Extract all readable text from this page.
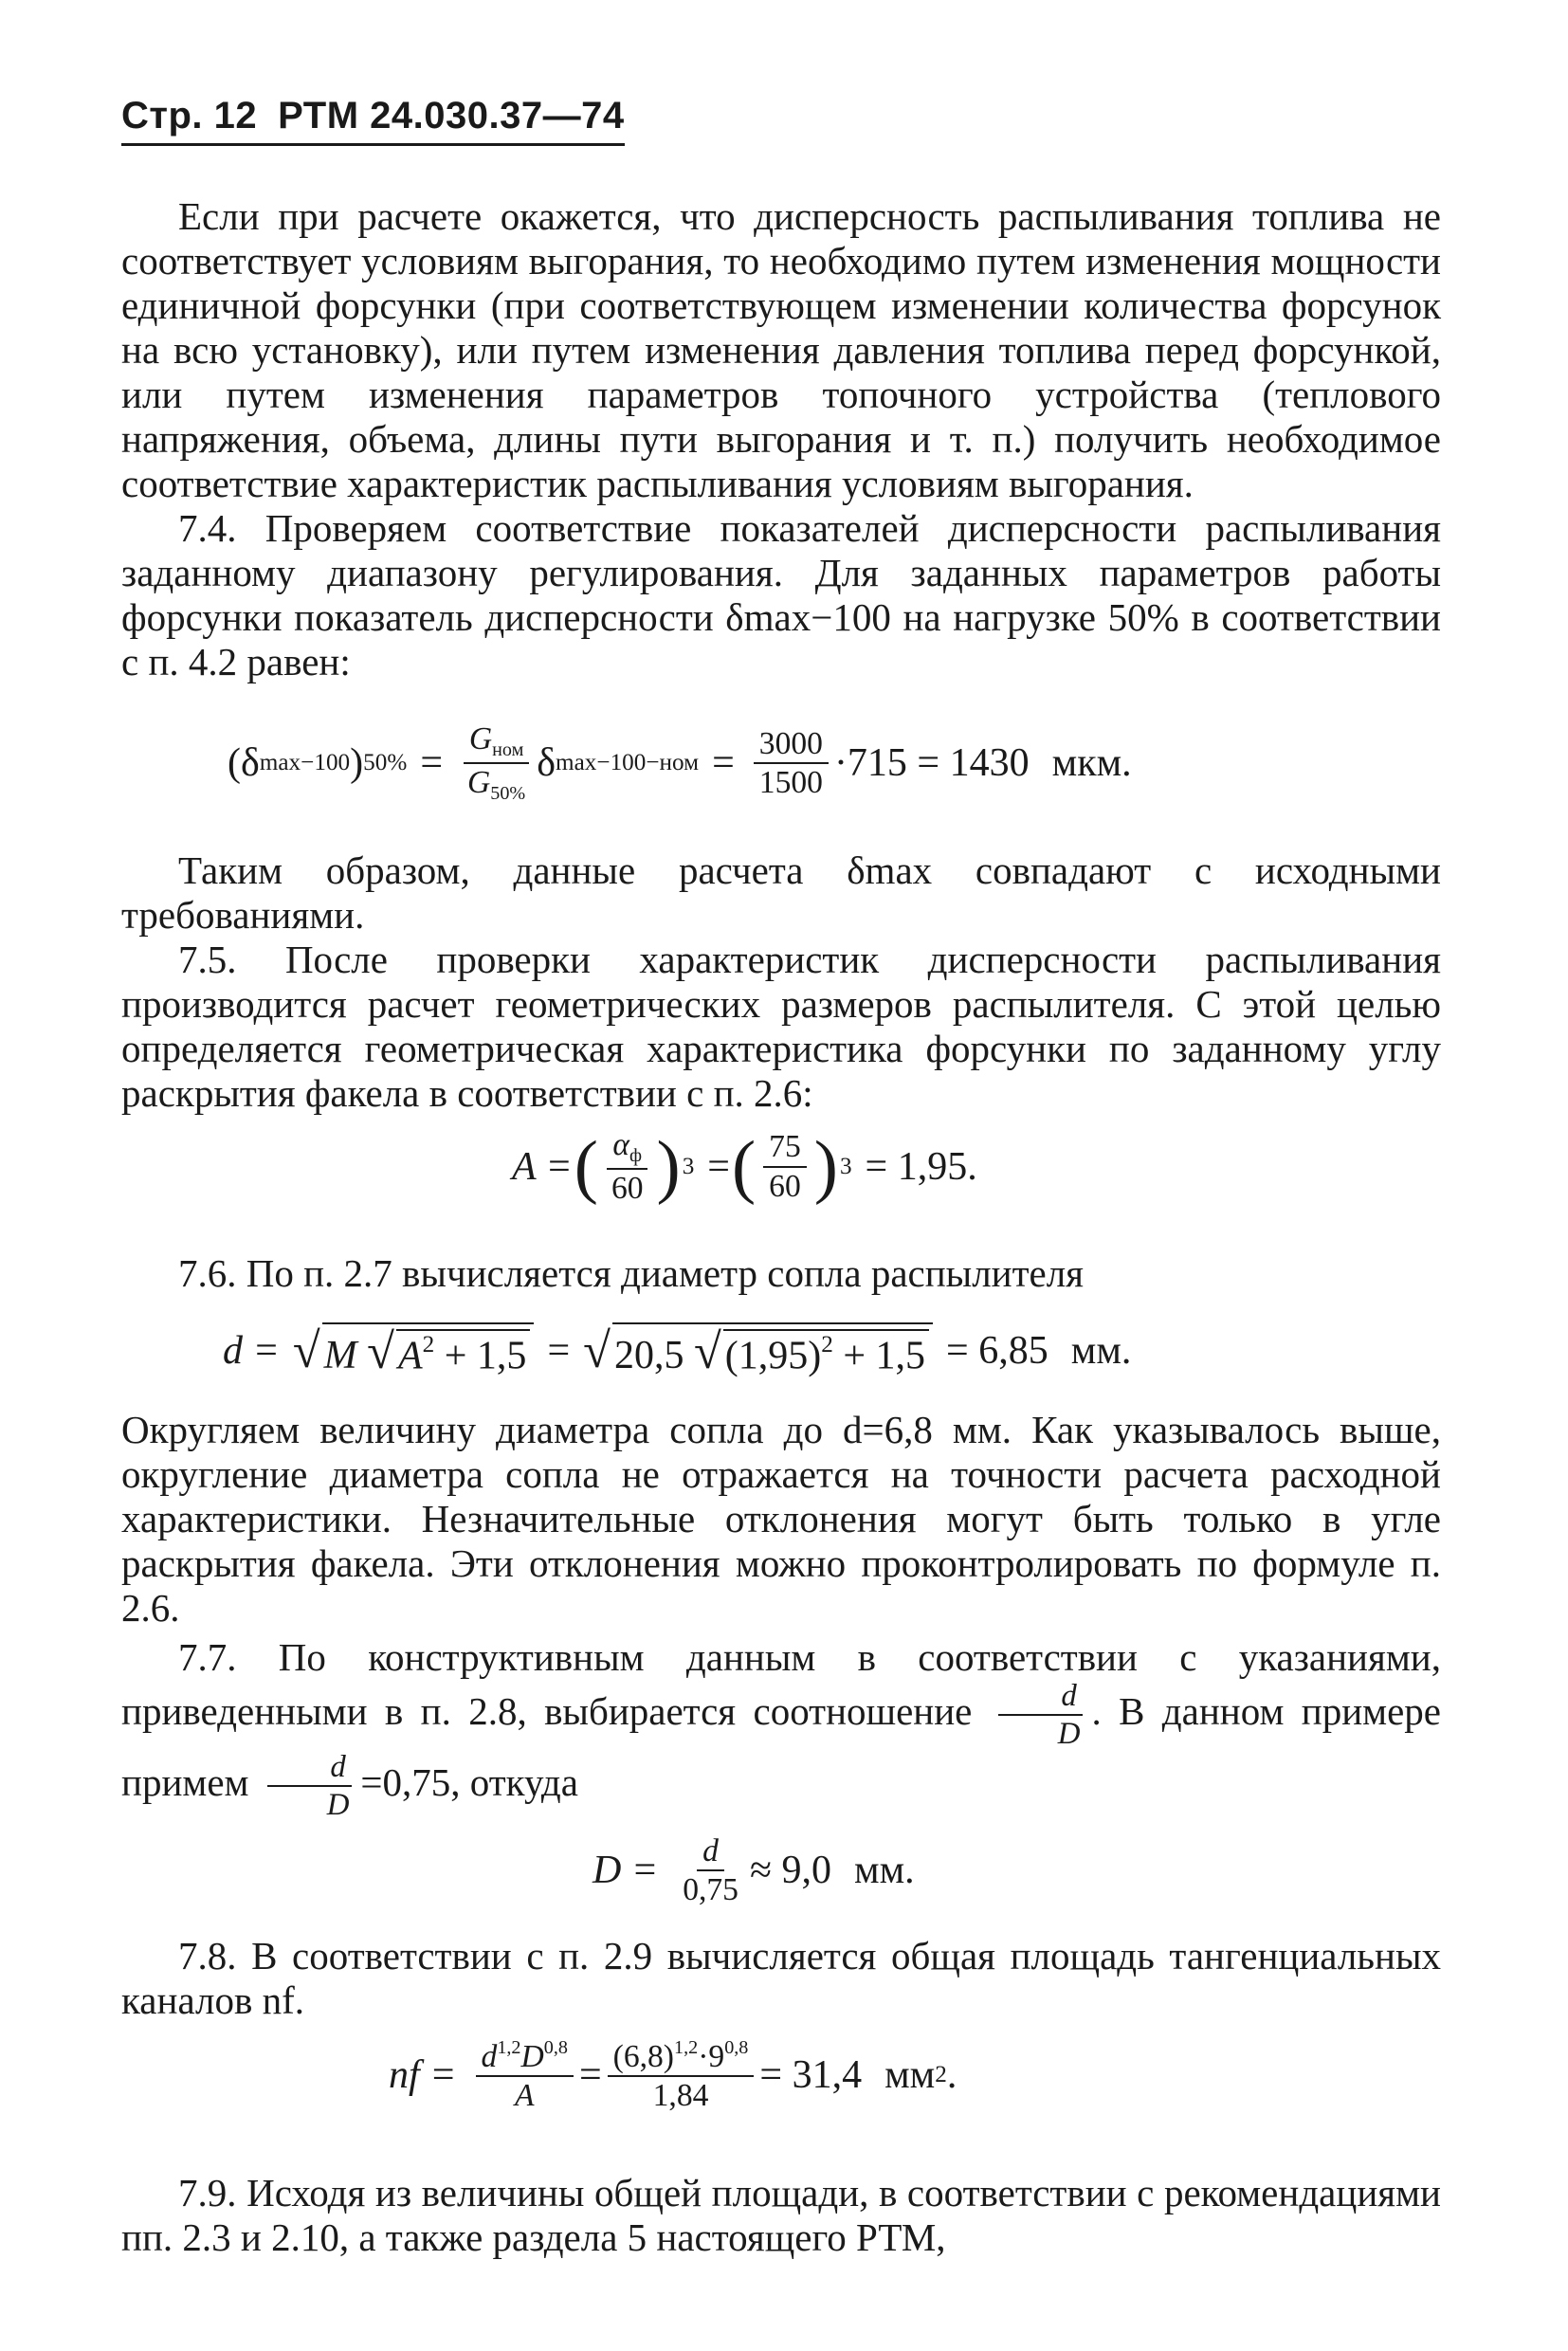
Стр. 12 РТМ 24.030.37—74

Если при расчете окажется, что дисперсность распыливания топлива не соответствует условиям выгорания, то необходимо путем изменения мощности единичной форсунки (при соответствующем изменении количества форсунок на всю установку), или путем изменения давления топлива перед форсункой, или путем изменения параметров топочного устройства (теплового напряжения, объема, длины пути выгорания и т. п.) получить необходимое соответствие характеристик распыливания условиям выгорания.

7.4. Проверяем соответствие показателей дисперсности распыливания заданному диапазону регулирования. Для заданных параметров работы форсунки показатель дисперсности δmax−100 на нагрузке 50% в соответствии с п. 4.2 равен:

(δ max−100 ) $50\% = \frac{G_{ном}}{G_{50\%}}$ δ $\max-100-ном = \frac{3000}{1500} \cdot 715 = 1430$ мкм.

Таким образом, данные расчета δmax совпадают с исходными требованиями.

7.5. После проверки характеристик дисперсности распыливания производится расчет геометрических размеров распылителя. С этой целью определяется геометрическая характеристика форсунки по заданному углу раскрытия факела в соответствии с п. 2.6:

A = ( $\frac{\alpha_ф}{60}$ ) 3 = ( $\frac{75}{60}$ ) 3 = 1,95.

7.6. По п. 2.7 вычисляется диаметр сопла распылителя

d = √ M $√A^2 + 1,5$ = √ 20,5 $√(1,95)^2 + 1,5 = 6,85$ мм.

Округляем величину диаметра сопла до d=6,8 мм. Как указывалось выше, округление диаметра сопла не отражается на точности расчета расходной характеристики. Незначительные отклонения могут быть только в угле раскрытия факела. Эти отклонения можно проконтролировать по формуле п. 2.6.

7.7. По конструктивным данным в соответствии с указаниями, приведенными в п. 2.8, выбирается соотношение $\frac{d}{D}$ . В данном примере примем $\frac{d}{D} =0,75$, откуда

$D = \frac{d}{0,75} \approx 9,0$ мм.

7.8. В соответствии с п. 2.9 вычисляется общая площадь тангенциальных каналов nf.

nf = $\frac{d^{1,2}D^{0,8}}{A} = \frac{(6,8)^{1,2}\cdot 9^{0,8}}{1,84} = 31,4$ мм 2 .

7.9. Исходя из величины общей площади, в соответствии с рекомендациями пп. 2.3 и 2.10, а также раздела 5 настоящего РТМ,
